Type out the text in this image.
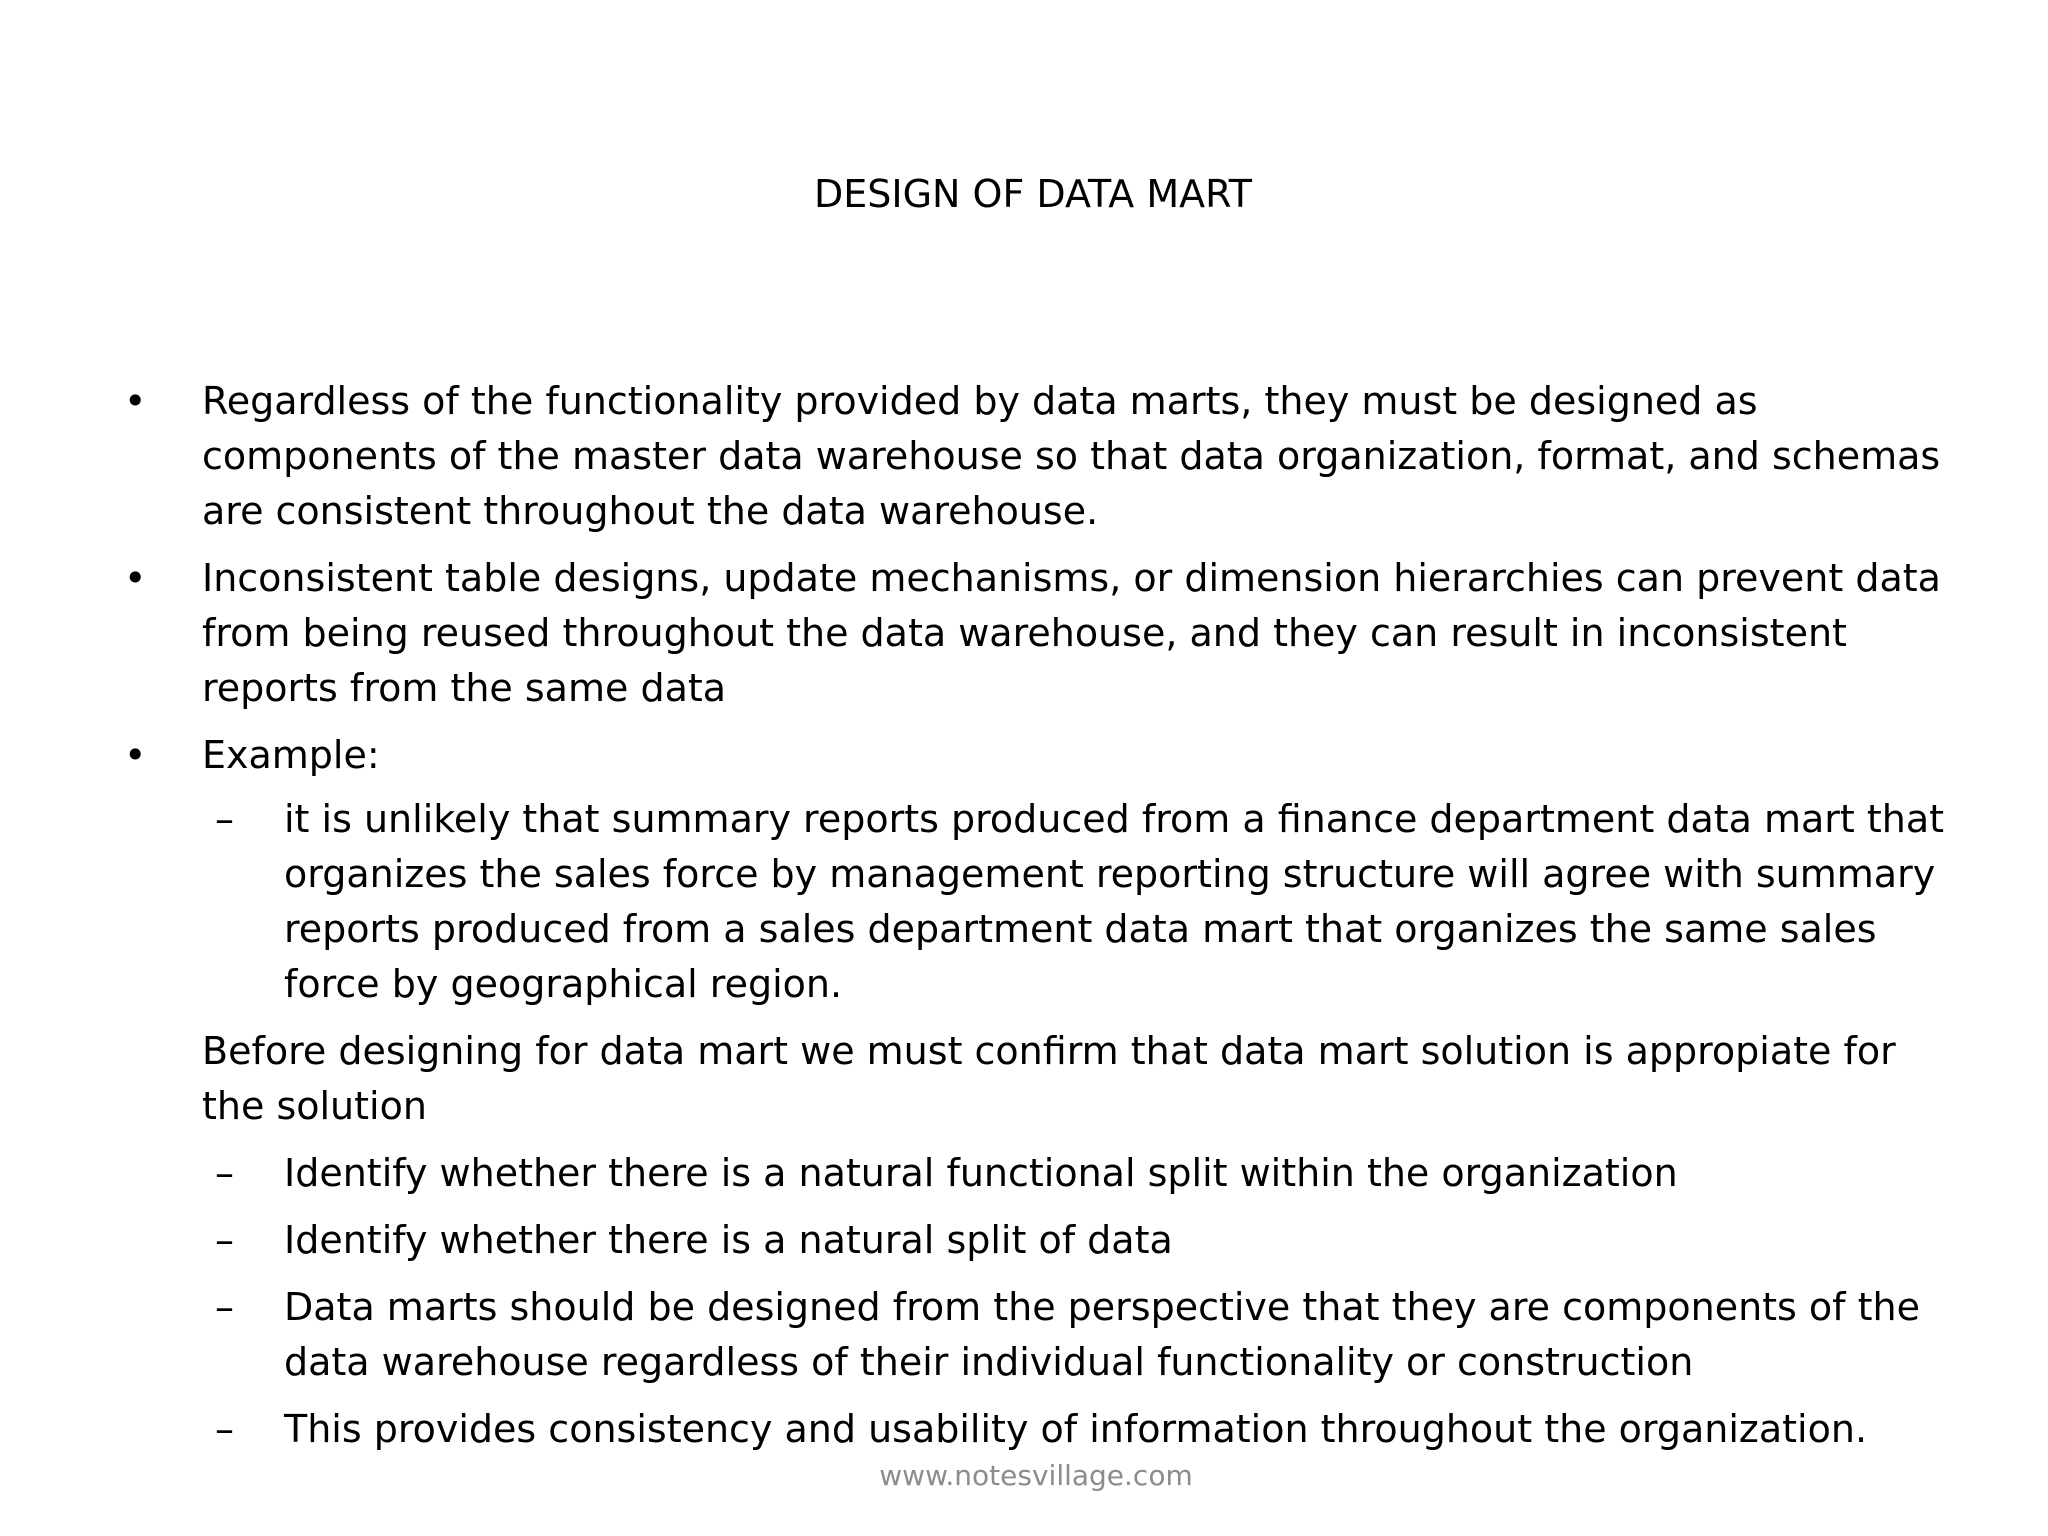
DESIGN OF DATA MART

•	Regardless of the functionality provided by data marts, they must be designed as components of the master data warehouse so that data organization, format, and schemas are consistent throughout the data warehouse.

•	Inconsistent table designs, update mechanisms, or dimension hierarchies can prevent data from being reused throughout the data warehouse, and they can result in inconsistent reports from the same data

•	Example:

–	it is unlikely that summary reports produced from a finance department data mart that organizes the sales force by management reporting structure will agree with summary reports produced from a sales department data mart that organizes the same sales force by geographical region.

Before designing for data mart we must confirm that data mart solution is appropiate for the solution

–	Identify whether there is a natural functional split within the organization

–	Identify whether there is a natural split of data

–	Data marts should be designed from the perspective that they are components of the data warehouse regardless of their individual functionality or construction

–	This provides consistency and usability of information throughout the organization.

www.notesvillage.com
